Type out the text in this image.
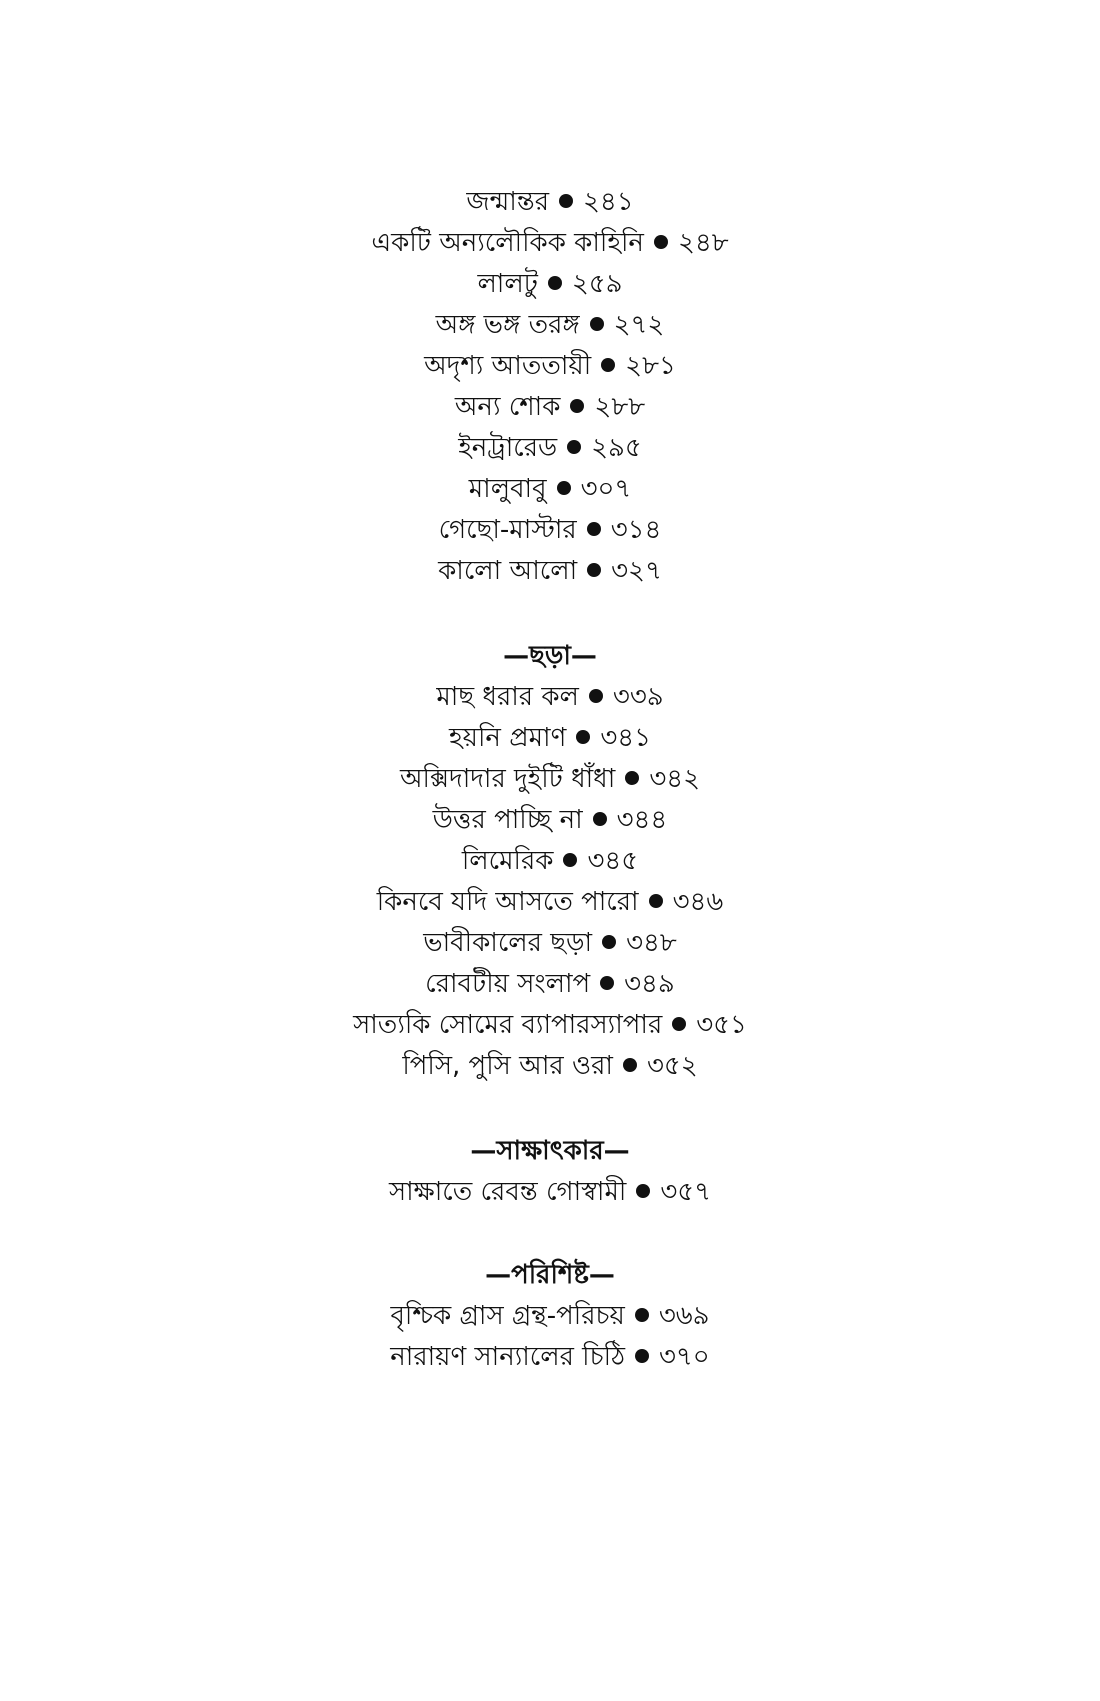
জন্মান্তর ২৪১
একটি অন্যলৌকিক কাহিনি ২৪৮
লালটু ২৫৯
অঙ্গ ভঙ্গ তরঙ্গ ২৭২
অদৃশ্য আততায়ী ২৮১
অন্য শোক ২৮৮
ইনট্রারেড ২৯৫
মালুবাবু ৩০৭
গেছো-মাস্টার ৩১৪
কালো আলো ৩২৭
—ছড়া—
মাছ ধরার কল ৩৩৯
হয়নি প্রমাণ ৩৪১
অক্সিদাদার দুইটি ধাঁধা ৩৪২
উত্তর পাচ্ছি না ৩৪৪
লিমেরিক ৩৪৫
কিনবে যদি আসতে পারো ৩৪৬
ভাবীকালের ছড়া ৩৪৮
রোবটীয় সংলাপ ৩৪৯
সাত্যকি সোমের ব্যাপারস্যাপার ৩৫১
পিসি, পুসি আর ওরা ৩৫২
—সাক্ষাৎকার—
সাক্ষাতে রেবন্ত গোস্বামী ৩৫৭
—পরিশিষ্ট—
বৃশ্চিক গ্রাস গ্রন্থ-পরিচয় ৩৬৯
নারায়ণ সান্যালের চিঠি ৩৭০
